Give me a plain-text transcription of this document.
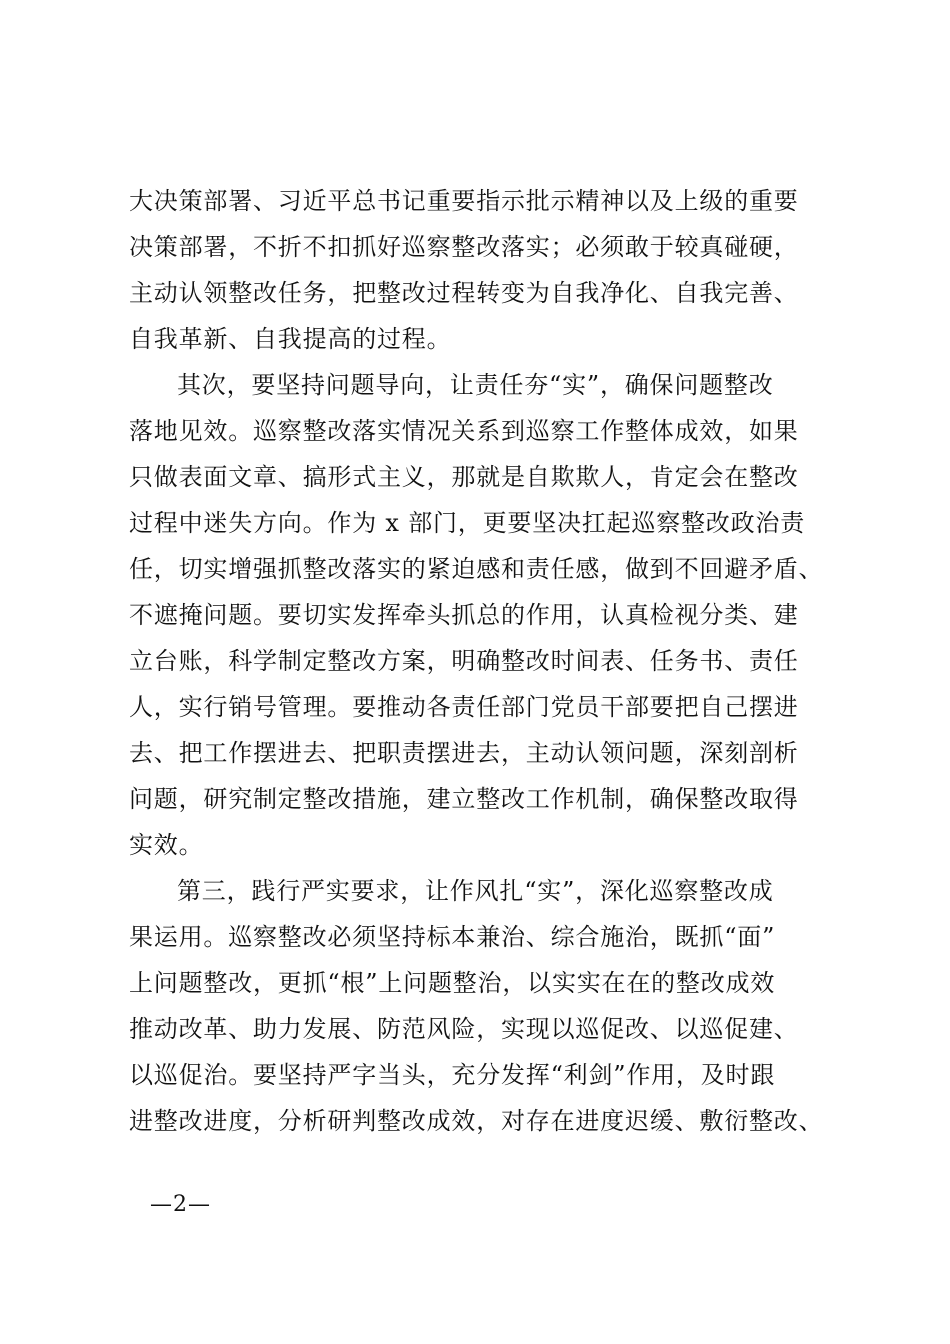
大决策部署、习近平总书记重要指示批示精神以及上级的重要
决策部署，不折不扣抓好巡察整改落实；必须敢于较真碰硬，
主动认领整改任务，把整改过程转变为自我净化、自我完善、
自我革新、自我提高的过程。
其次，要坚持问题导向，让责任夯“实”，确保问题整改
落地见效。巡察整改落实情况关系到巡察工作整体成效，如果
只做表面文章、搞形式主义，那就是自欺欺人，肯定会在整改
过程中迷失方向。作为 x 部门，更要坚决扛起巡察整改政治责
任，切实增强抓整改落实的紧迫感和责任感，做到不回避矛盾、
不遮掩问题。要切实发挥牵头抓总的作用，认真检视分类、建
立台账，科学制定整改方案，明确整改时间表、任务书、责任
人，实行销号管理。要推动各责任部门党员干部要把自己摆进
去、把工作摆进去、把职责摆进去，主动认领问题，深刻剖析
问题，研究制定整改措施，建立整改工作机制，确保整改取得
实效。
第三，践行严实要求，让作风扎“实”，深化巡察整改成
果运用。巡察整改必须坚持标本兼治、综合施治，既抓“面”
上问题整改，更抓“根”上问题整治，以实实在在的整改成效
推动改革、助力发展、防范风险，实现以巡促改、以巡促建、
以巡促治。要坚持严字当头，充分发挥“利剑”作用，及时跟
进整改进度，分析研判整改成效，对存在进度迟缓、敷衍整改、
—2—
